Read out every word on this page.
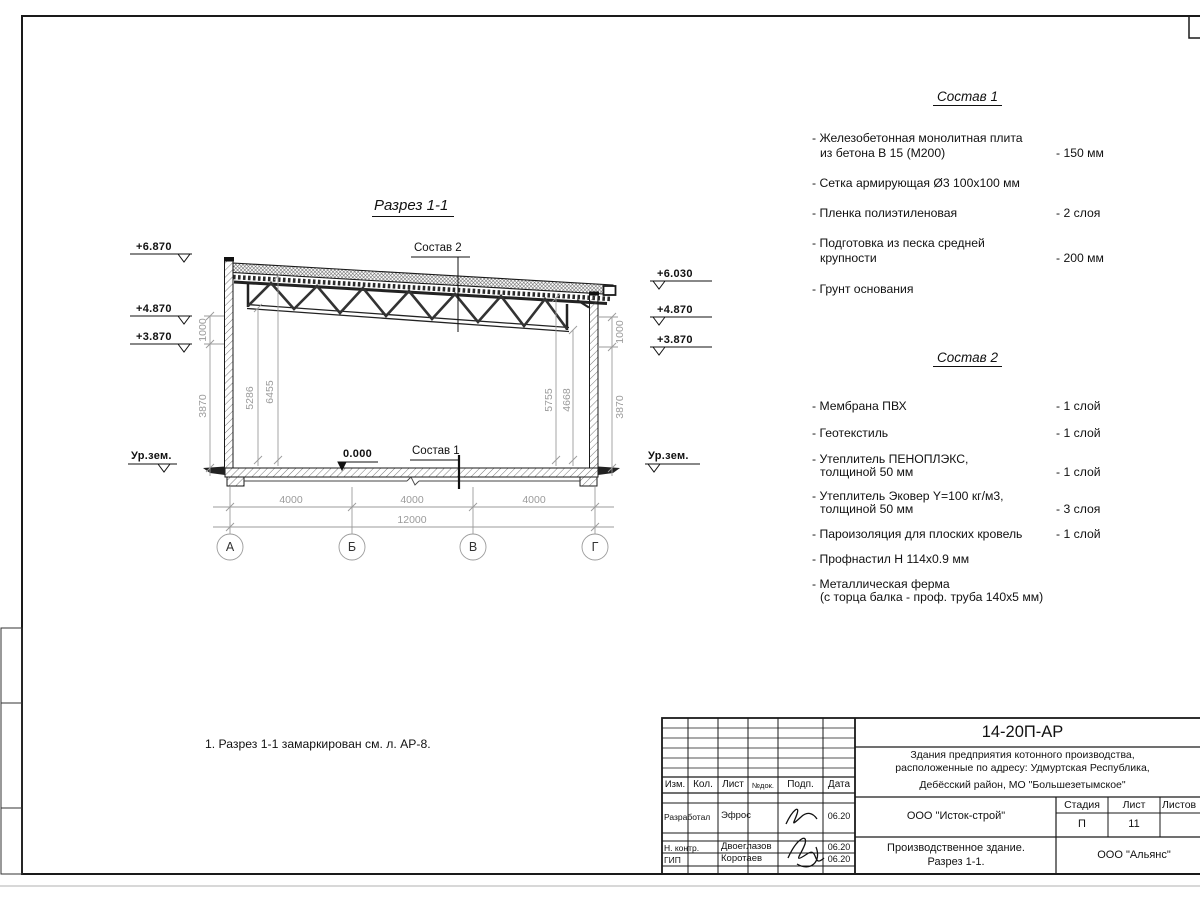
Разрез 1-1
Состав 2
Состав 1
0.000
+6.870
+4.870
+3.870
+6.030
+4.870
+3.870
Ур.зем.	Ур.зем.
1000
3870
1000
3870
5286 6455	5755 4668
4000	4000	4000
12000
А	Б	В	Г
1. Разрез 1-1 замаркирован см. л. АР-8.
Состав 1
- Железобетонная монолитная плита
из бетона В 15 (М200)	- 150 мм
- Сетка армирующая Ø3 100х100 мм
- Пленка полиэтиленовая	- 2 слоя
- Подготовка из песка средней
крупности	- 200 мм
- Грунт основания
Состав 2
- Мембрана ПВХ	- 1 слой
- Геотекстиль	- 1 слой
- Утеплитель ПЕНОПЛЭКС,
толщиной 50 мм	- 1 слой
- Утеплитель Эковер Y=100 кг/м3,
толщиной 50 мм	- 3 слоя
- Пароизоляция для плоских кровель	- 1 слой
- Профнастил Н 114х0.9 мм
- Металлическая ферма
(с торца балка - проф. труба 140х5 мм)
14-20П-АР
Здания предприятия котонного производства,
расположенные по адресу: Удмуртская Республика,
Дебёсский район, МО "Большезетымское"
Изм. Кол. Лист	№док.	Подп.	Дата
Разработал Эфрос	06.20
Н. контр. Двоеглазов	06.20
ГИП	Коротаев	06.20
ООО "Исток-строй"
Стадия	Лист	Листов
П	11
Производственное здание.
Разрез 1-1.
ООО "Альянс"
